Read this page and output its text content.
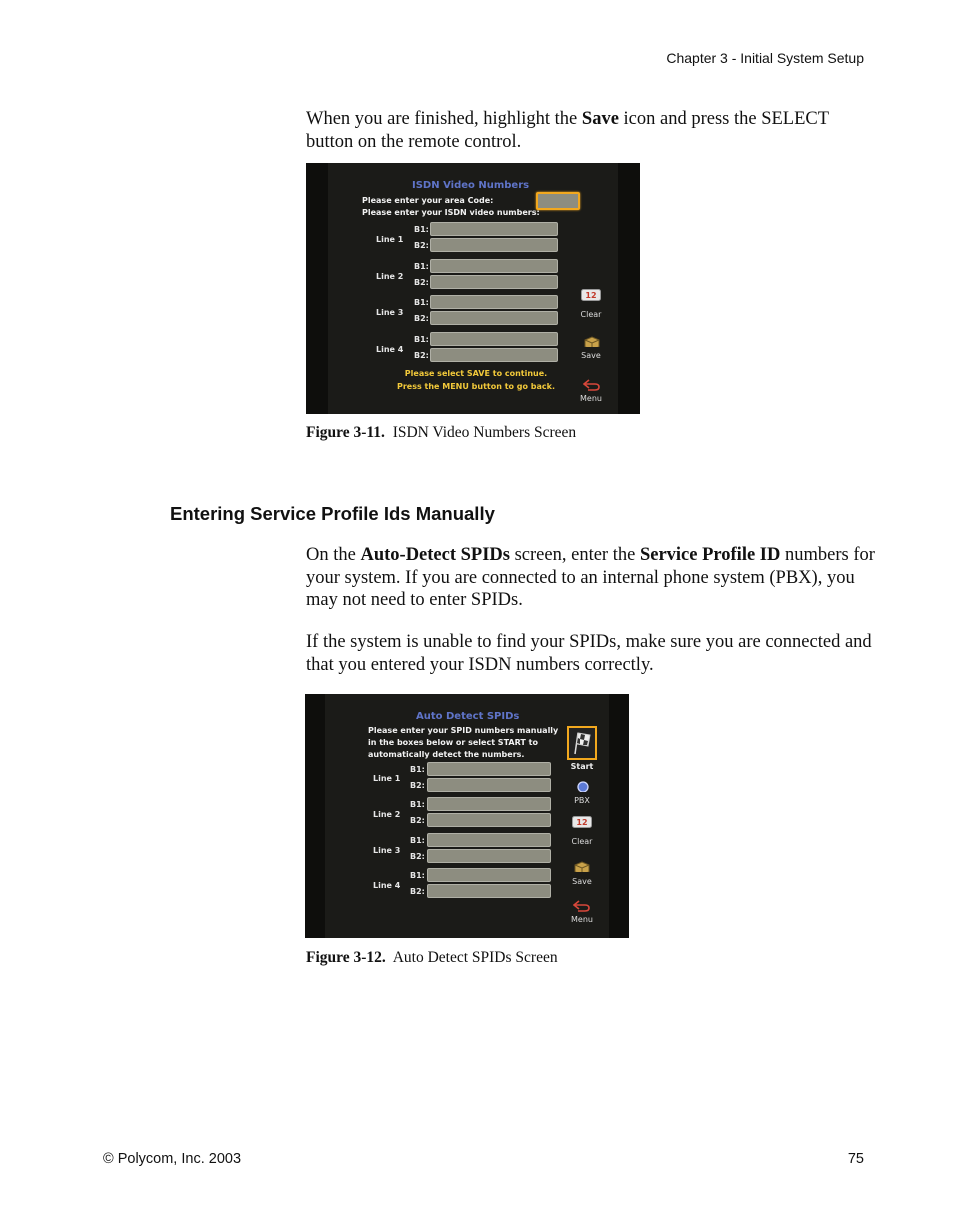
Chapter 3 - Initial System Setup

When you are finished, highlight the Save icon and press the SELECT button on the remote control.

ISDN Video Numbers
Please enter your area Code:
Please enter your ISDN video numbers:
Line 1
B1:
B2:
Line 2
B1:
B2:
Line 3
B1:
B2:
Line 4
B1:
B2:
12
Clear
Save
Menu
Please select SAVE to continue.
Press the MENU button to go back.
Figure 3-11. ISDN Video Numbers Screen
Entering Service Profile Ids Manually

On the Auto-Detect SPIDs screen, enter the Service Profile ID numbers for your system. If you are connected to an internal phone system (PBX), you may not need to enter SPIDs.

If the system is unable to find your SPIDs, make sure you are connected and that you entered your ISDN numbers correctly.

Auto Detect SPIDs
Please enter your SPID numbers manually
in the boxes below or select START to
automatically detect the numbers.
Line 1
B1:
B2:
Line 2
B1:
B2:
Line 3
B1:
B2:
Line 4
B1:
B2:
Start
PBX
12
Clear
Save
Menu
Figure 3-12. Auto Detect SPIDs Screen
© Polycom, Inc. 2003	75
